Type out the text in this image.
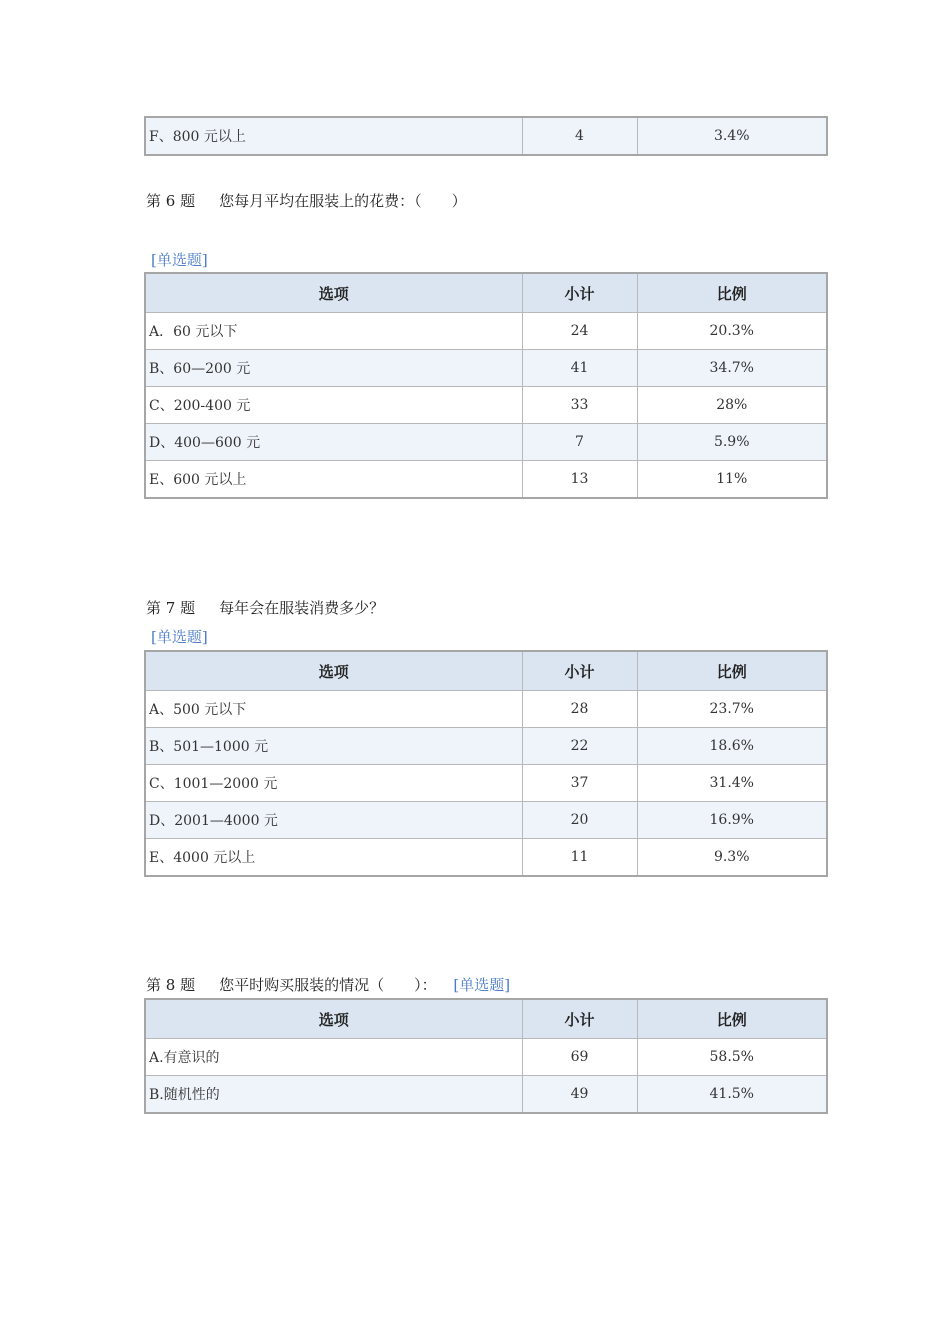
F、800 元以上	4	3.4%
第 6 题 您每月平均在服装上的花费：（　　）
[单选题]
选项	小计	比例
A．60 元以下	24	20.3%
B、60—200 元	41	34.7%
C、200-400 元	33	28%
D、400—600 元	7	5.9%
E、600 元以上	13	11%
第 7 题 每年会在服装消费多少？
[单选题]
选项	小计	比例
A、500 元以下	28	23.7%
B、501—1000 元	22	18.6%
C、1001—2000 元	37	31.4%
D、2001—4000 元	20	16.9%
E、4000 元以上	11	9.3%
第 8 题 您平时购买服装的情况（　　）： [单选题]
选项	小计	比例
A.有意识的	69	58.5%
B.随机性的	49	41.5%
